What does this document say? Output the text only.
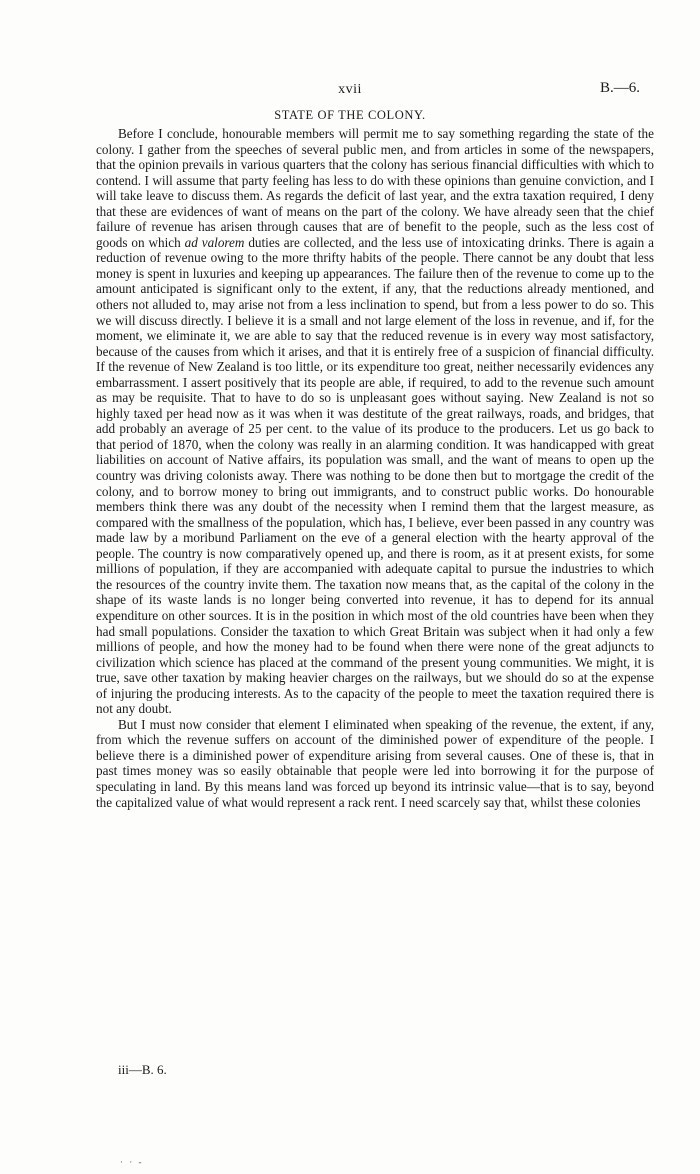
xvii	B.—6.
STATE OF THE COLONY.

Before I conclude, honourable members will permit me to say something regarding the state of the colony. I gather from the speeches of several public men, and from articles in some of the newspapers, that the opinion prevails in various quarters that the colony has serious financial difficulties with which to contend. I will assume that party feeling has less to do with these opinions than genuine conviction, and I will take leave to discuss them. As regards the deficit of last year, and the extra taxation required, I deny that these are evidences of want of means on the part of the colony. We have already seen that the chief failure of revenue has arisen through causes that are of benefit to the people, such as the less cost of goods on which ad valorem duties are collected, and the less use of intoxicating drinks. There is again a reduction of revenue owing to the more thrifty habits of the people. There cannot be any doubt that less money is spent in luxuries and keeping up appearances. The failure then of the revenue to come up to the amount anticipated is significant only to the extent, if any, that the reductions already mentioned, and others not alluded to, may arise not from a less inclination to spend, but from a less power to do so. This we will discuss directly. I believe it is a small and not large element of the loss in revenue, and if, for the moment, we eliminate it, we are able to say that the reduced revenue is in every way most satisfactory, because of the causes from which it arises, and that it is entirely free of a suspicion of financial difficulty. If the revenue of New Zealand is too little, or its expenditure too great, neither necessarily evidences any embarrassment. I assert positively that its people are able, if required, to add to the revenue such amount as may be requisite. That to have to do so is unpleasant goes without saying. New Zealand is not so highly taxed per head now as it was when it was destitute of the great railways, roads, and bridges, that add probably an average of 25 per cent. to the value of its produce to the producers. Let us go back to that period of 1870, when the colony was really in an alarming condition. It was handicapped with great liabilities on account of Native affairs, its population was small, and the want of means to open up the country was driving colonists away. There was nothing to be done then but to mortgage the credit of the colony, and to borrow money to bring out immigrants, and to construct public works. Do honourable members think there was any doubt of the necessity when I remind them that the largest measure, as compared with the smallness of the population, which has, I believe, ever been passed in any country was made law by a moribund Parliament on the eve of a general election with the hearty approval of the people. The country is now comparatively opened up, and there is room, as it at present exists, for some millions of population, if they are accompanied with adequate capital to pursue the industries to which the resources of the country invite them. The taxation now means that, as the capital of the colony in the shape of its waste lands is no longer being converted into revenue, it has to depend for its annual expenditure on other sources. It is in the position in which most of the old countries have been when they had small populations. Consider the taxation to which Great Britain was subject when it had only a few millions of people, and how the money had to be found when there were none of the great adjuncts to civilization which science has placed at the command of the present young communities. We might, it is true, save other taxation by making heavier charges on the railways, but we should do so at the expense of injuring the producing interests. As to the capacity of the people to meet the taxation required there is not any doubt.

But I must now consider that element I eliminated when speaking of the revenue, the extent, if any, from which the revenue suffers on account of the diminished power of expenditure of the people. I believe there is a diminished power of expenditure arising from several causes. One of these is, that in past times money was so easily obtainable that people were led into borrowing it for the purpose of speculating in land. By this means land was forced up beyond its intrinsic value—that is to say, beyond the capitalized value of what would represent a rack rent. I need scarcely say that, whilst these colonies

iii—B. 6.
· · -
